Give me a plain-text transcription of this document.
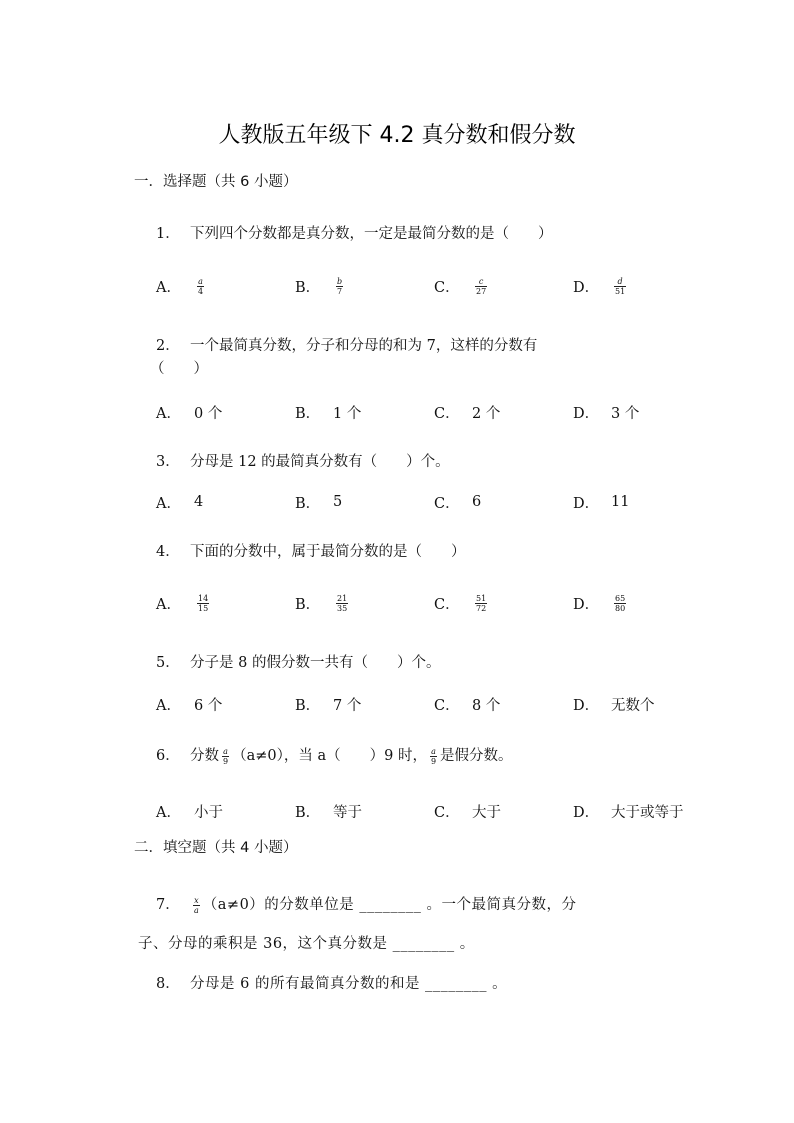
人教版五年级下 4.2 真分数和假分数
一．选择题（共 6 小题）
1． 下列四个分数都是真分数，一定是最简分数的是（　　）
A．	$\frac{a}{4}$	B．	$\frac{b}{7}$	C．	$\frac{c}{27}$	D．	$\frac{d}{51}$
2． 一个最简真分数，分子和分母的和为 7，这样的分数有
（　　）
A． 0 个	B． 1 个	C． 2 个	D． 3 个
3． 分母是 12 的最简真分数有（　　）个。
A． 4	B． 5	C． 6	D． 11
4． 下面的分数中，属于最简分数的是（　　）
A．	$\frac{14}{15}$	B．	$\frac{21}{35}$	C．	$\frac{51}{72}$	D．	$\frac{65}{80}$
5． 分子是 8 的假分数一共有（　　）个。
A． 6 个	B． 7 个	C． 8 个	D． 无数个
6． 分数 $\frac{a}{9} (a\ne 0)$，当 a（　　）9 时， $\frac{a}{9}$ 是假分数。
A． 小于	B． 等于	C． 大于	D． 大于或等于
二．填空题（共 4 小题）
7． $\frac{x}{a} (a\ne 0)$的分数单位是 ________ 。一个最简真分数，分
子、分母的乘积是 36，这个真分数是 ________ 。
8． 分母是 6 的所有最简真分数的和是 ________ 。
